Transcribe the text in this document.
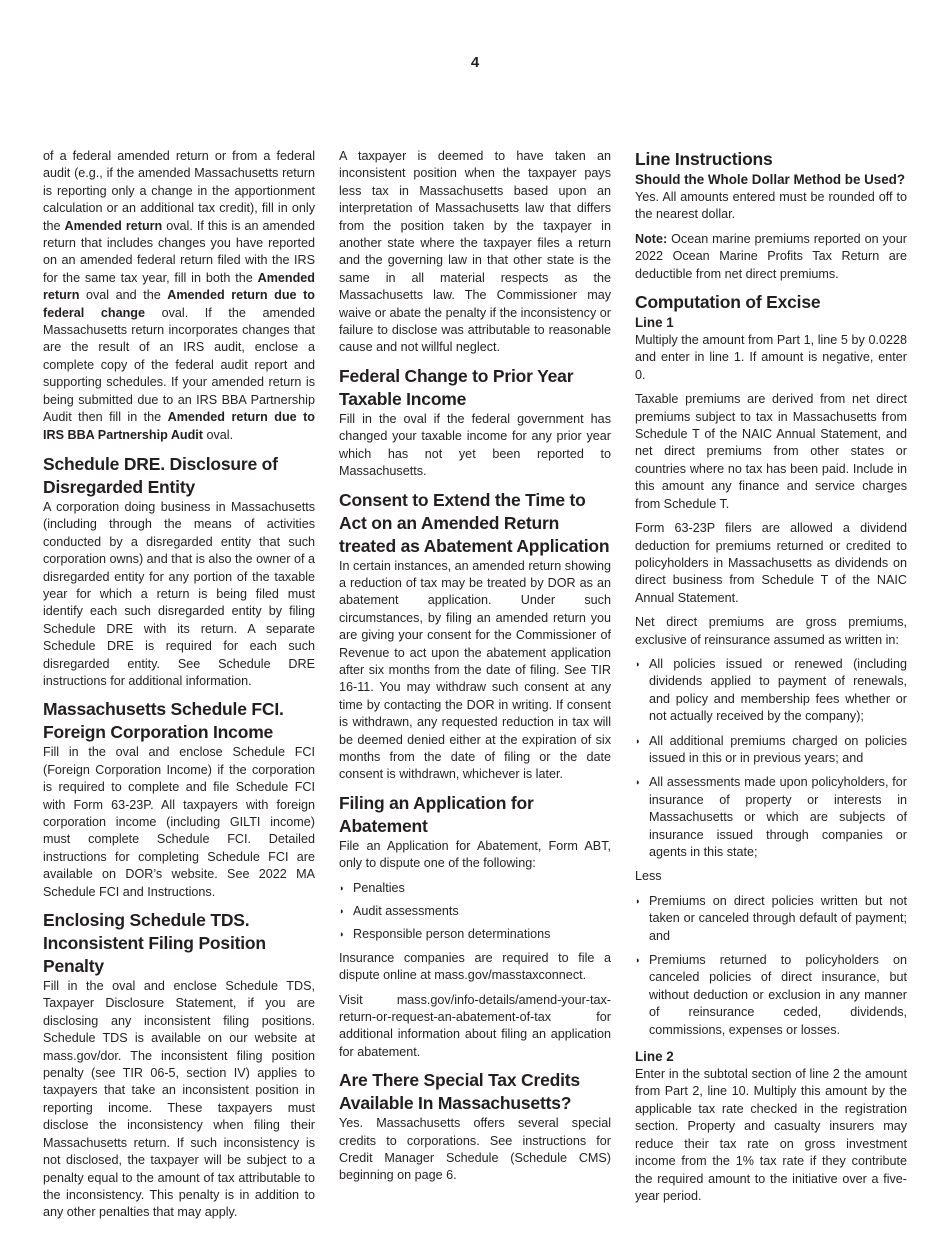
4

of a federal amended return or from a federal audit (e.g., if the amended Massachusetts return is reporting only a change in the apportionment calculation or an additional tax credit), fill in only the Amended return oval. If this is an amended return that includes changes you have reported on an amended federal return filed with the IRS for the same tax year, fill in both the Amended return oval and the Amended return due to federal change oval. If the amended Massachusetts return incorporates changes that are the result of an IRS audit, enclose a complete copy of the federal audit report and supporting schedules. If your amended return is being submitted due to an IRS BBA Partnership Audit then fill in the Amended return due to IRS BBA Partnership Audit oval.

Schedule DRE. Disclosure of Disregarded Entity

A corporation doing business in Massachusetts (including through the means of activities conducted by a disregarded entity that such corporation owns) and that is also the owner of a disregarded entity for any portion of the taxable year for which a return is being filed must identify each such disregarded entity by filing Schedule DRE with its return. A separate Schedule DRE is required for each such disregarded entity. See Schedule DRE instructions for additional information.

Massachusetts Schedule FCI. Foreign Corporation Income

Fill in the oval and enclose Schedule FCI (Foreign Corporation Income) if the corporation is required to complete and file Schedule FCI with Form 63-23P. All taxpayers with foreign corporation income (including GILTI income) must complete Schedule FCI. Detailed instructions for completing Schedule FCI are available on DOR’s website. See 2022 MA Schedule FCI and Instructions.

Enclosing Schedule TDS. Inconsistent Filing Position Penalty

Fill in the oval and enclose Schedule TDS, Taxpayer Disclosure Statement, if you are disclosing any inconsistent filing positions. Schedule TDS is available on our website at mass.gov/dor. The inconsistent filing position penalty (see TIR 06-5, section IV) applies to taxpayers that take an inconsistent position in reporting income. These taxpayers must disclose the inconsistency when filing their Massachusetts return. If such inconsistency is not disclosed, the taxpayer will be subject to a penalty equal to the amount of tax attributable to the inconsistency. This penalty is in addition to any other penalties that may apply.

A taxpayer is deemed to have taken an inconsistent position when the taxpayer pays less tax in Massachusetts based upon an interpretation of Massachusetts law that differs from the position taken by the taxpayer in another state where the taxpayer files a return and the governing law in that other state is the same in all material respects as the Massachusetts law. The Commissioner may waive or abate the penalty if the inconsistency or failure to disclose was attributable to reasonable cause and not willful neglect.

Federal Change to Prior Year Taxable Income

Fill in the oval if the federal government has changed your taxable income for any prior year which has not yet been reported to Massachusetts.

Consent to Extend the Time to Act on an Amended Return treated as Abatement Application

In certain instances, an amended return showing a reduction of tax may be treated by DOR as an abatement application. Under such circumstances, by filing an amended return you are giving your consent for the Commissioner of Revenue to act upon the abatement application after six months from the date of filing. See TIR 16-11. You may withdraw such consent at any time by contacting the DOR in writing. If consent is withdrawn, any requested reduction in tax will be deemed denied either at the expiration of six months from the date of filing or the date consent is withdrawn, whichever is later.

Filing an Application for Abatement

File an Application for Abatement, Form ABT, only to dispute one of the following:

◗ Penalties
◗ Audit assessments
◗ Responsible person determinations

Insurance companies are required to file a dispute online at mass.gov/masstaxconnect.

Visit mass.gov/info-details/amend-your-tax-return-or-request-an-abatement-of-tax for additional information about filing an application for abatement.

Are There Special Tax Credits Available In Massachusetts?

Yes. Massachusetts offers several special credits to corporations. See instructions for Credit Manager Schedule (Schedule CMS) beginning on page 6.

Line Instructions
Should the Whole Dollar Method be Used?

Yes. All amounts entered must be rounded off to the nearest dollar.

Note: Ocean marine premiums reported on your 2022 Ocean Marine Profits Tax Return are deductible from net direct premiums.

Computation of Excise
Line 1

Multiply the amount from Part 1, line 5 by 0.0228 and enter in line 1. If amount is negative, enter 0.

Taxable premiums are derived from net direct premiums subject to tax in Massachusetts from Schedule T of the NAIC Annual Statement, and net direct premiums from other states or countries where no tax has been paid. Include in this amount any finance and service charges from Schedule T.

Form 63-23P filers are allowed a dividend deduction for premiums returned or credited to policyholders in Massachusetts as dividends on direct business from Schedule T of the NAIC Annual Statement.

Net direct premiums are gross premiums, exclusive of reinsurance assumed as written in:

◗ All policies issued or renewed (including dividends applied to payment of renewals, and policy and membership fees whether or not actually received by the company);
◗ All additional premiums charged on policies issued in this or in previous years; and
◗ All assessments made upon policyholders, for insurance of property or interests in Massachusetts or which are subjects of insurance issued through companies or agents in this state;

Less

◗ Premiums on direct policies written but not taken or canceled through default of payment; and
◗ Premiums returned to policyholders on canceled policies of direct insurance, but without deduction or exclusion in any manner of reinsurance ceded, dividends, commissions, expenses or losses.
Line 2

Enter in the subtotal section of line 2 the amount from Part 2, line 10. Multiply this amount by the applicable tax rate checked in the registration section. Property and casualty insurers may reduce their tax rate on gross investment income from the 1% tax rate if they contribute the required amount to the initiative over a five-year period.
